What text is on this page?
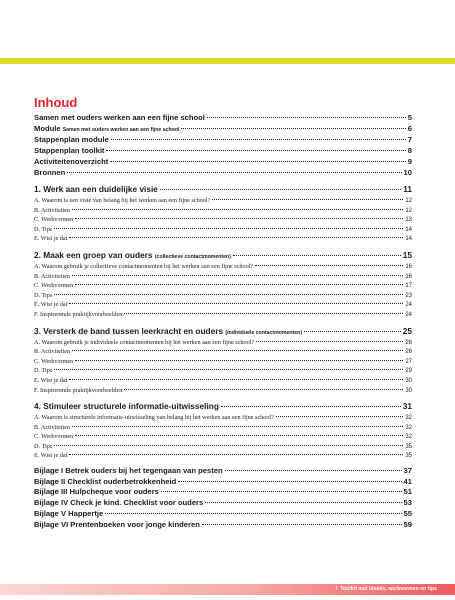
Inhoud
Samen met ouders werken aan een fijne school	5
Module Samen met ouders werken aan een fijne school	6
Stappenplan module	7
Stappenplan toolkit	8
Activiteitenoverzicht	9
Bronnen	10
1. Werk aan een duidelijke visie	11
A. Waarom is een visie van belang bij het werken aan een fijne school?	12
B. Activiteiten	12
C. Werkvormen	13
D. Tips	14
E. Wist je dat	14
2. Maak een groep van ouders (collectieve contactmomenten)	15
A. Waarom gebruik je collectieve contactmomenten bij het werken aan een fijne school?	16
B. Activiteiten	16
C. Werkvormen	17
D. Tips	23
E. Wist je dat	24
F. Inspirerende praktijkvoorbeelden	24
3. Versterk de band tussen leerkracht en ouders (individuele contactmomenten)	25
A. Waarom gebruik je individuele contactmomenten bij het werken aan een fijne school?	26
B. Activiteiten	26
C. Werkvormen	27
D. Tips	29
E. Wist je dat	30
F. Inspirerende praktijkvoorbeelden	30
4. Stimuleer structurele informatie-uitwisseling	31
A. Waarom is structurele informatie-uitwisseling van belang bij het werken aan een fijne school?	32
B. Activiteiten	32
C. Werkvormen	32
D. Tips	35
E. Wist je dat	35
Bijlage I Betrek ouders bij het tegengaan van pesten	37
Bijlage II Checklist ouderbetrokkenheid	41
Bijlage III Hulpcheque voor ouders	51
Bijlage IV Check je kind. Checklist voor ouders	53
Bijlage V Happertje	55
Bijlage VI Prentenboeken voor jonge kinderen	59
/ Toolkit met ideeën, werkvormen en tips
